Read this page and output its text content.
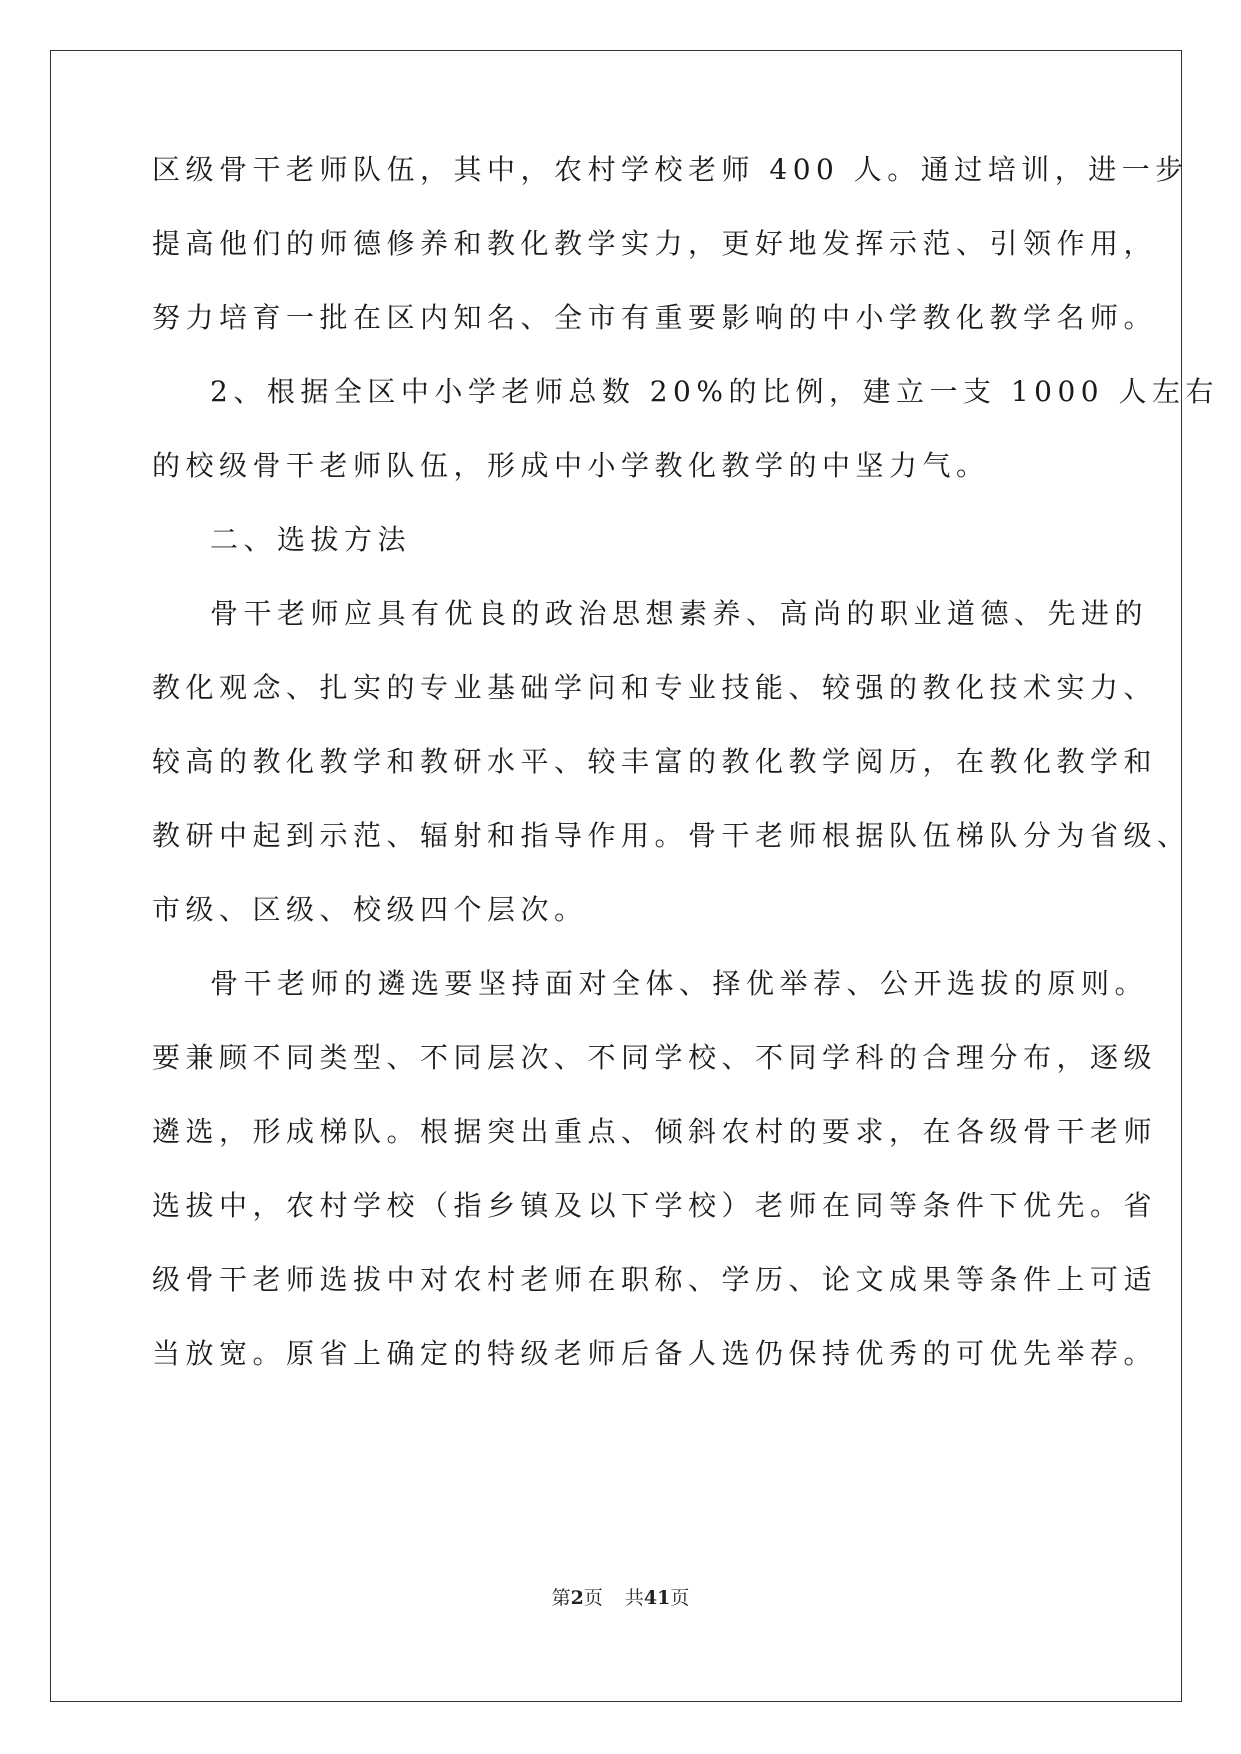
区级骨干老师队伍，其中，农村学校老师 400 人。通过培训，进一步
提高他们的师德修养和教化教学实力，更好地发挥示范、引领作用，
努力培育一批在区内知名、全市有重要影响的中小学教化教学名师。
2、根据全区中小学老师总数 20%的比例，建立一支 1000 人左右
的校级骨干老师队伍，形成中小学教化教学的中坚力气。
二、选拔方法
骨干老师应具有优良的政治思想素养、高尚的职业道德、先进的
教化观念、扎实的专业基础学问和专业技能、较强的教化技术实力、
较高的教化教学和教研水平、较丰富的教化教学阅历，在教化教学和
教研中起到示范、辐射和指导作用。骨干老师根据队伍梯队分为省级、
市级、区级、校级四个层次。
骨干老师的遴选要坚持面对全体、择优举荐、公开选拔的原则。
要兼顾不同类型、不同层次、不同学校、不同学科的合理分布，逐级
遴选，形成梯队。根据突出重点、倾斜农村的要求，在各级骨干老师
选拔中，农村学校（指乡镇及以下学校）老师在同等条件下优先。省
级骨干老师选拔中对农村老师在职称、学历、论文成果等条件上可适
当放宽。原省上确定的特级老师后备人选仍保持优秀的可优先举荐。
第2页 共41页
